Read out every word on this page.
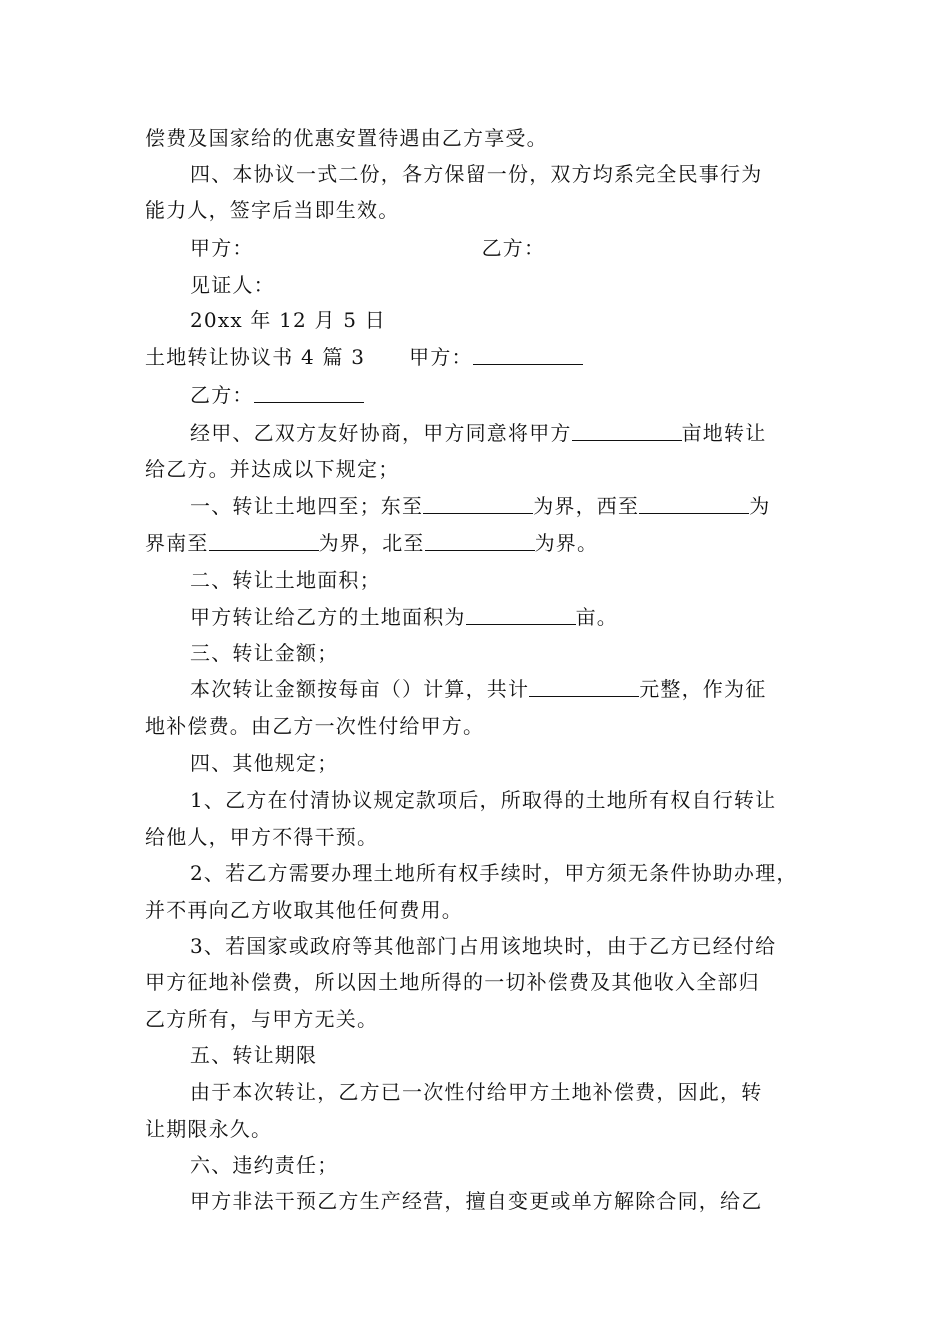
偿费及国家给的优惠安置待遇由乙方享受。
四、本协议一式二份，各方保留一份，双方均系完全民事行为
能力人，签字后当即生效。
甲方：	乙方：
见证人：
20xx 年 12 月 5 日
土地转让协议书 4 篇 3 甲方：
乙方：
经甲、乙双方友好协商，甲方同意将甲方	亩地转让
给乙方。并达成以下规定；
一、转让土地四至；东至	为界，西至	为
界南至	为界，北至	为界。
二、转让土地面积；
甲方转让给乙方的土地面积为	亩。
三、转让金额；
本次转让金额按每亩（）计算，共计	元整，作为征
地补偿费。由乙方一次性付给甲方。
四、其他规定；
1、乙方在付清协议规定款项后，所取得的土地所有权自行转让
给他人，甲方不得干预。
2、若乙方需要办理土地所有权手续时，甲方须无条件协助办理，
并不再向乙方收取其他任何费用。
3、若国家或政府等其他部门占用该地块时，由于乙方已经付给
甲方征地补偿费，所以因土地所得的一切补偿费及其他收入全部归
乙方所有，与甲方无关。
五、转让期限
由于本次转让，乙方已一次性付给甲方土地补偿费，因此，转
让期限永久。
六、违约责任；
甲方非法干预乙方生产经营，擅自变更或单方解除合同，给乙
